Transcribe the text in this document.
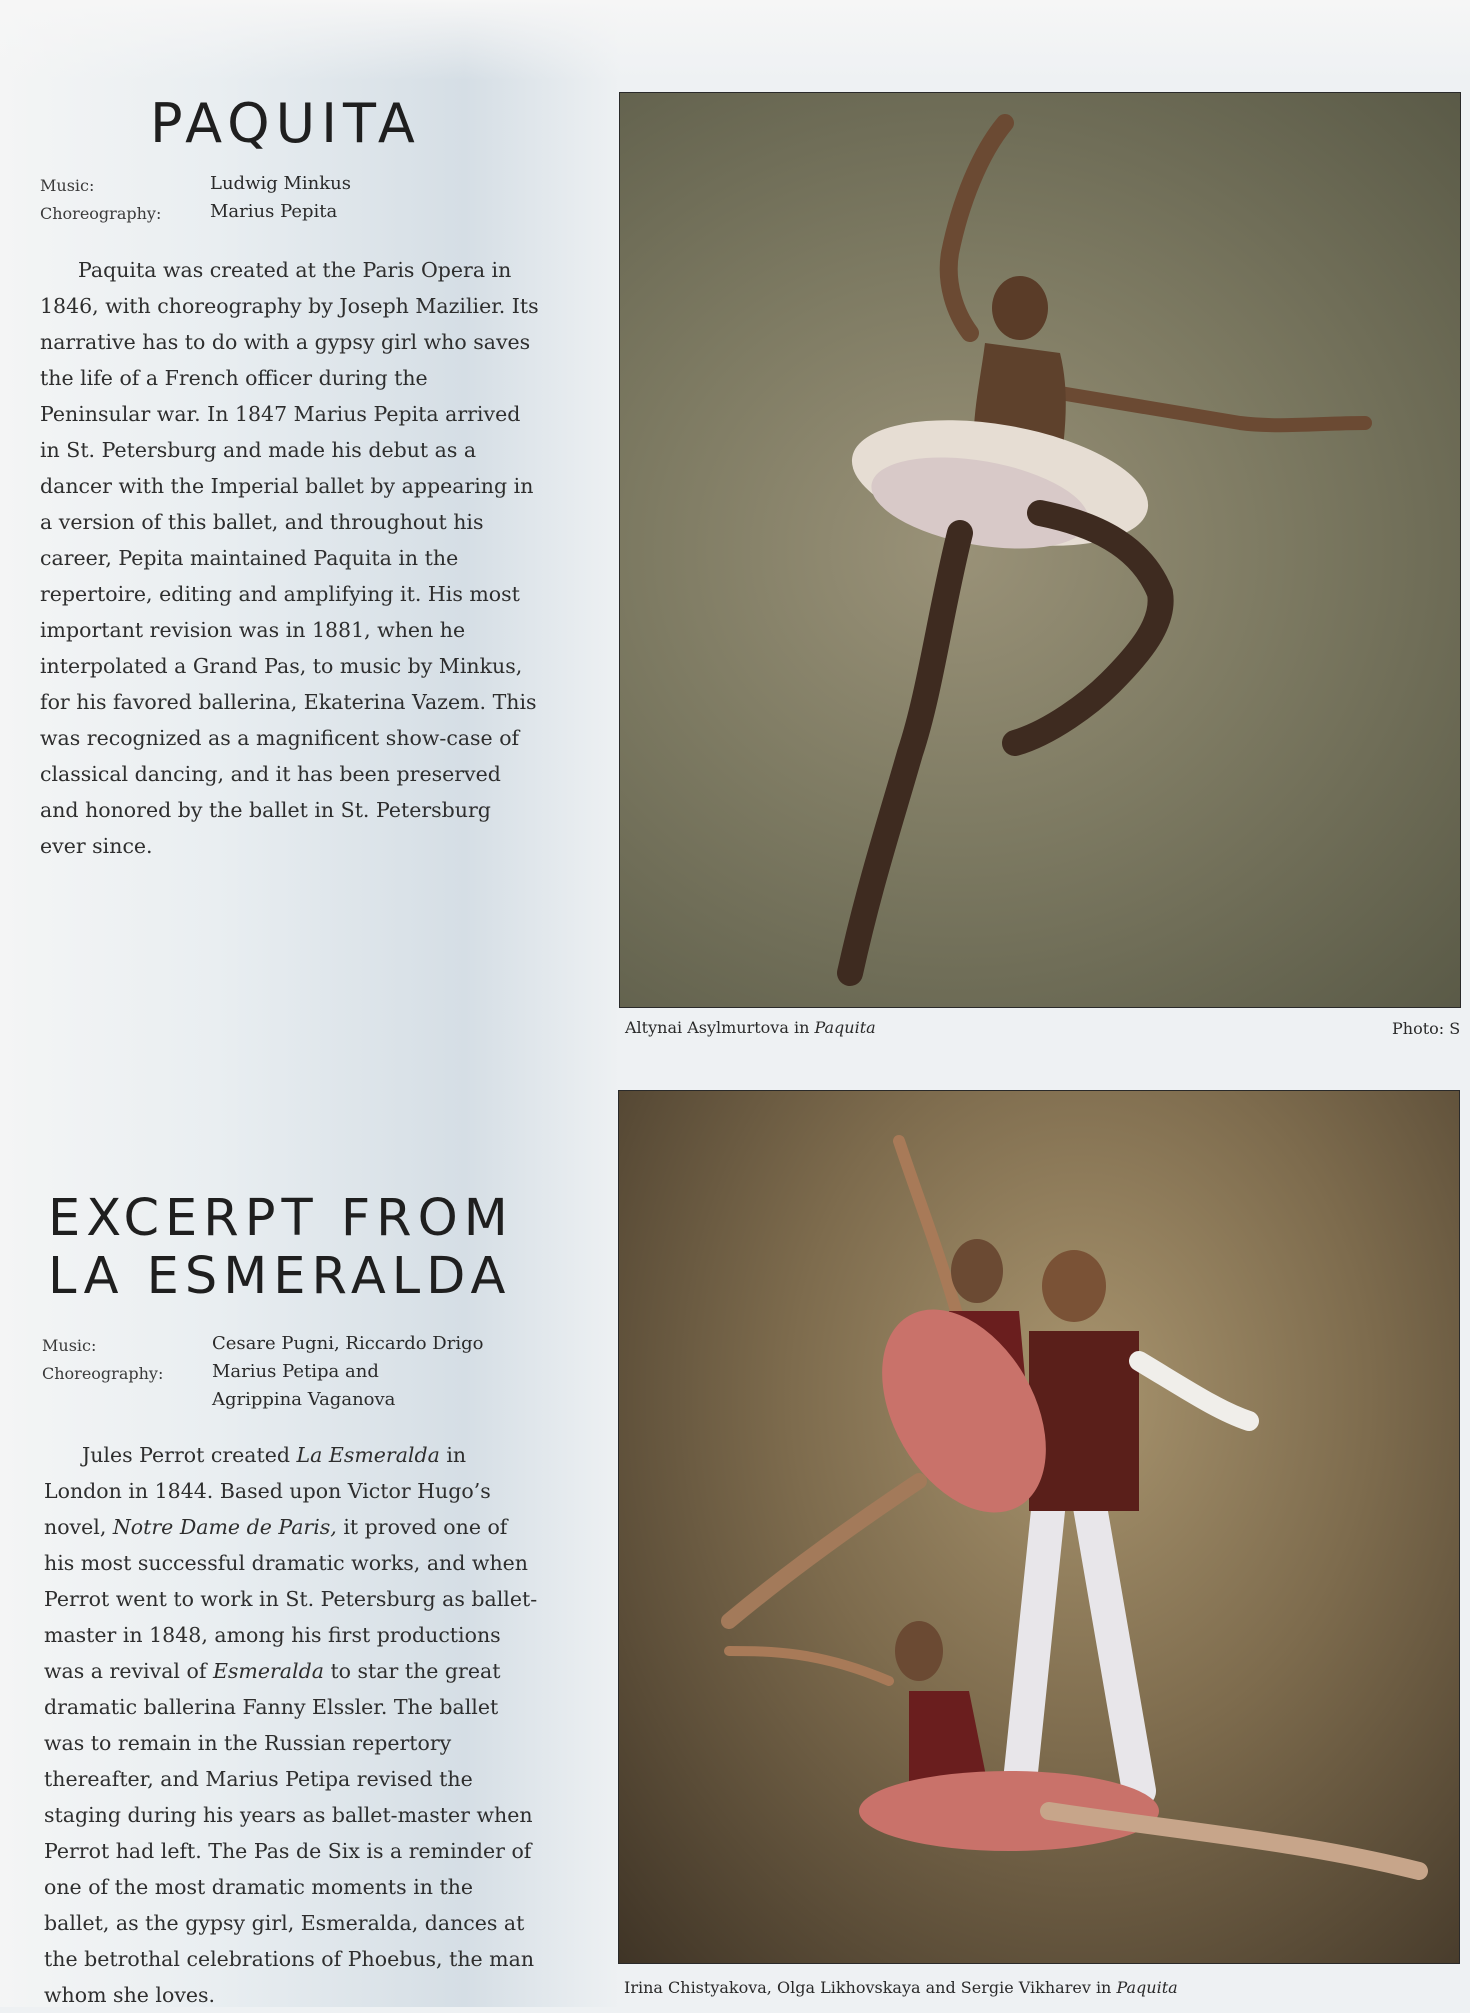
PAQUITA
Music:	Ludwig Minkus
Choreography:	Marius Pepita

Paquita was created at the Paris Opera in 1846, with choreography by Joseph Mazilier. Its narrative has to do with a gypsy girl who saves the life of a French officer during the Peninsular war. In 1847 Marius Pepita arrived in St. Petersburg and made his debut as a dancer with the Imperial ballet by appearing in a version of this ballet, and throughout his career, Pepita maintained Paquita in the repertoire, editing and amplifying it. His most important revision was in 1881, when he interpolated a Grand Pas, to music by Minkus, for his favored ballerina, Ekaterina Vazem. This was recognized as a magnificent show-case of classical dancing, and it has been preserved and honored by the ballet in St. Petersburg ever since.

Altynai Asylmurtova in Paquita	Photo: S
EXCERPT FROM
LA ESMERALDA
Music:	Cesare Pugni, Riccardo Drigo
Choreography:	Marius Petipa and
Agrippina Vaganova

Jules Perrot created La Esmeralda in London in 1844. Based upon Victor Hugo’s novel, Notre Dame de Paris, it proved one of his most successful dramatic works, and when Perrot went to work in St. Petersburg as ballet-master in 1848, among his first productions was a revival of Esmeralda to star the great dramatic ballerina Fanny Elssler. The ballet was to remain in the Russian repertory thereafter, and Marius Petipa revised the staging during his years as ballet-master when Perrot had left. The Pas de Six is a reminder of one of the most dramatic moments in the ballet, as the gypsy girl, Esmeralda, dances at the betrothal celebrations of Phoebus, the man whom she loves.	Irina Chistyakova, Olga Likhovskaya and Sergie Vikharev in Paquita
